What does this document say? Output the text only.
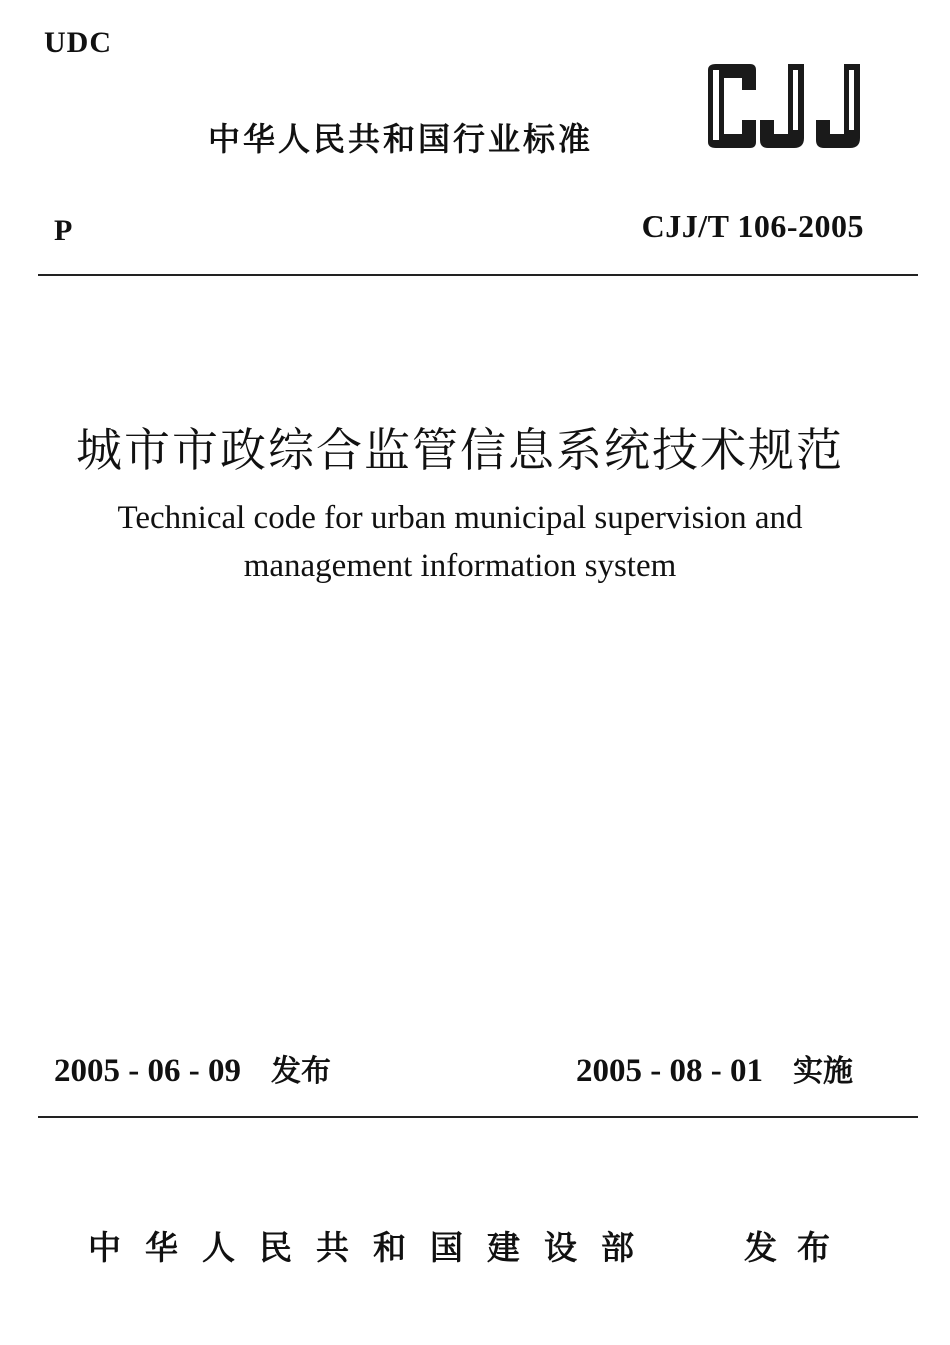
UDC
中华人民共和国行业标准
P	CJJ/T 106-2005
城市市政综合监管信息系统技术规范
Technical code for urban municipal supervision and
management information system
2005 - 06 - 09 发布	2005 - 08 - 01 实施
中华人民共和国建设部	发布
